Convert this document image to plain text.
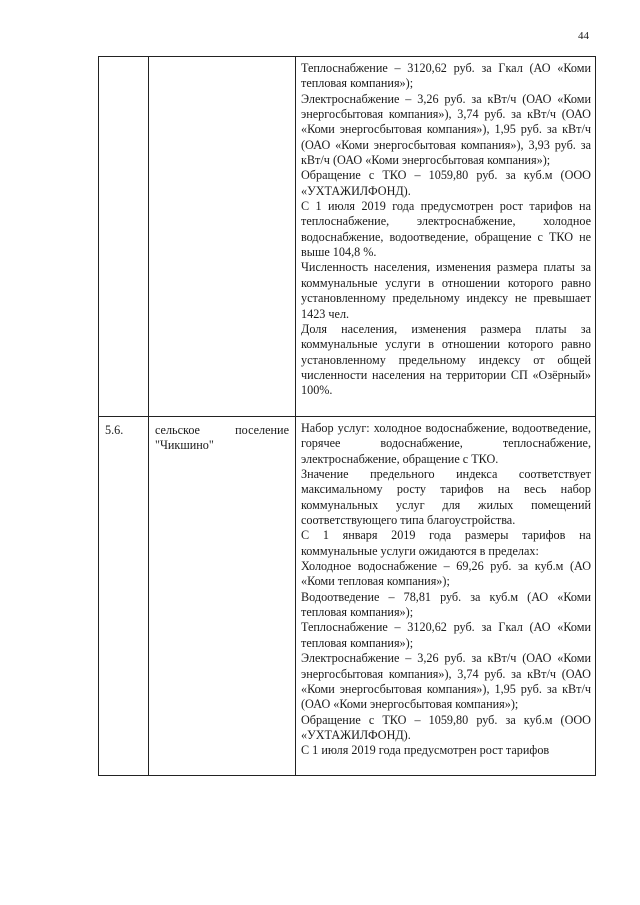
44

Теплоснабжение – 3120,62 руб. за Гкал (АО «Коми тепловая компания»);

Электроснабжение – 3,26 руб. за кВт/ч (ОАО «Коми энергосбытовая компания»), 3,74 руб. за кВт/ч (ОАО «Коми энергосбытовая компания»), 1,95 руб. за кВт/ч (ОАО «Коми энергосбытовая компания»), 3,93 руб. за кВт/ч (ОАО «Коми энергосбытовая компания»);

Обращение с ТКО – 1059,80 руб. за куб.м (ООО «УХТАЖИЛФОНД).

С 1 июля 2019 года предусмотрен рост тарифов на теплоснабжение, электроснабжение, холодное водоснабжение, водоотведение, обращение с ТКО не выше 104,8 %.

Численность населения, изменения размера платы за коммунальные услуги в отношении которого равно установленному предельному индексу не превышает 1423 чел.

Доля населения, изменения размера платы за коммунальные услуги в отношении которого равно установленному предельному индексу от общей численности населения на территории СП «Озёрный» 100%.

5.6.	сельское	поселение
"Чикшино"

Набор услуг: холодное водоснабжение, водоотведение, горячее водоснабжение, теплоснабжение, электроснабжение, обращение с ТКО.

Значение предельного индекса соответствует максимальному росту тарифов на весь набор коммунальных услуг для жилых помещений соответствующего типа благоустройства.

С 1 января 2019 года размеры тарифов на коммунальные услуги ожидаются в пределах:

Холодное водоснабжение – 69,26 руб. за куб.м (АО «Коми тепловая компания»);

Водоотведение – 78,81 руб. за куб.м (АО «Коми тепловая компания»);

Теплоснабжение – 3120,62 руб. за Гкал (АО «Коми тепловая компания»);

Электроснабжение – 3,26 руб. за кВт/ч (ОАО «Коми энергосбытовая компания»), 3,74 руб. за кВт/ч (ОАО «Коми энергосбытовая компания»), 1,95 руб. за кВт/ч (ОАО «Коми энергосбытовая компания»);

Обращение с ТКО – 1059,80 руб. за куб.м (ООО «УХТАЖИЛФОНД).

С 1 июля 2019 года предусмотрен рост тарифов
